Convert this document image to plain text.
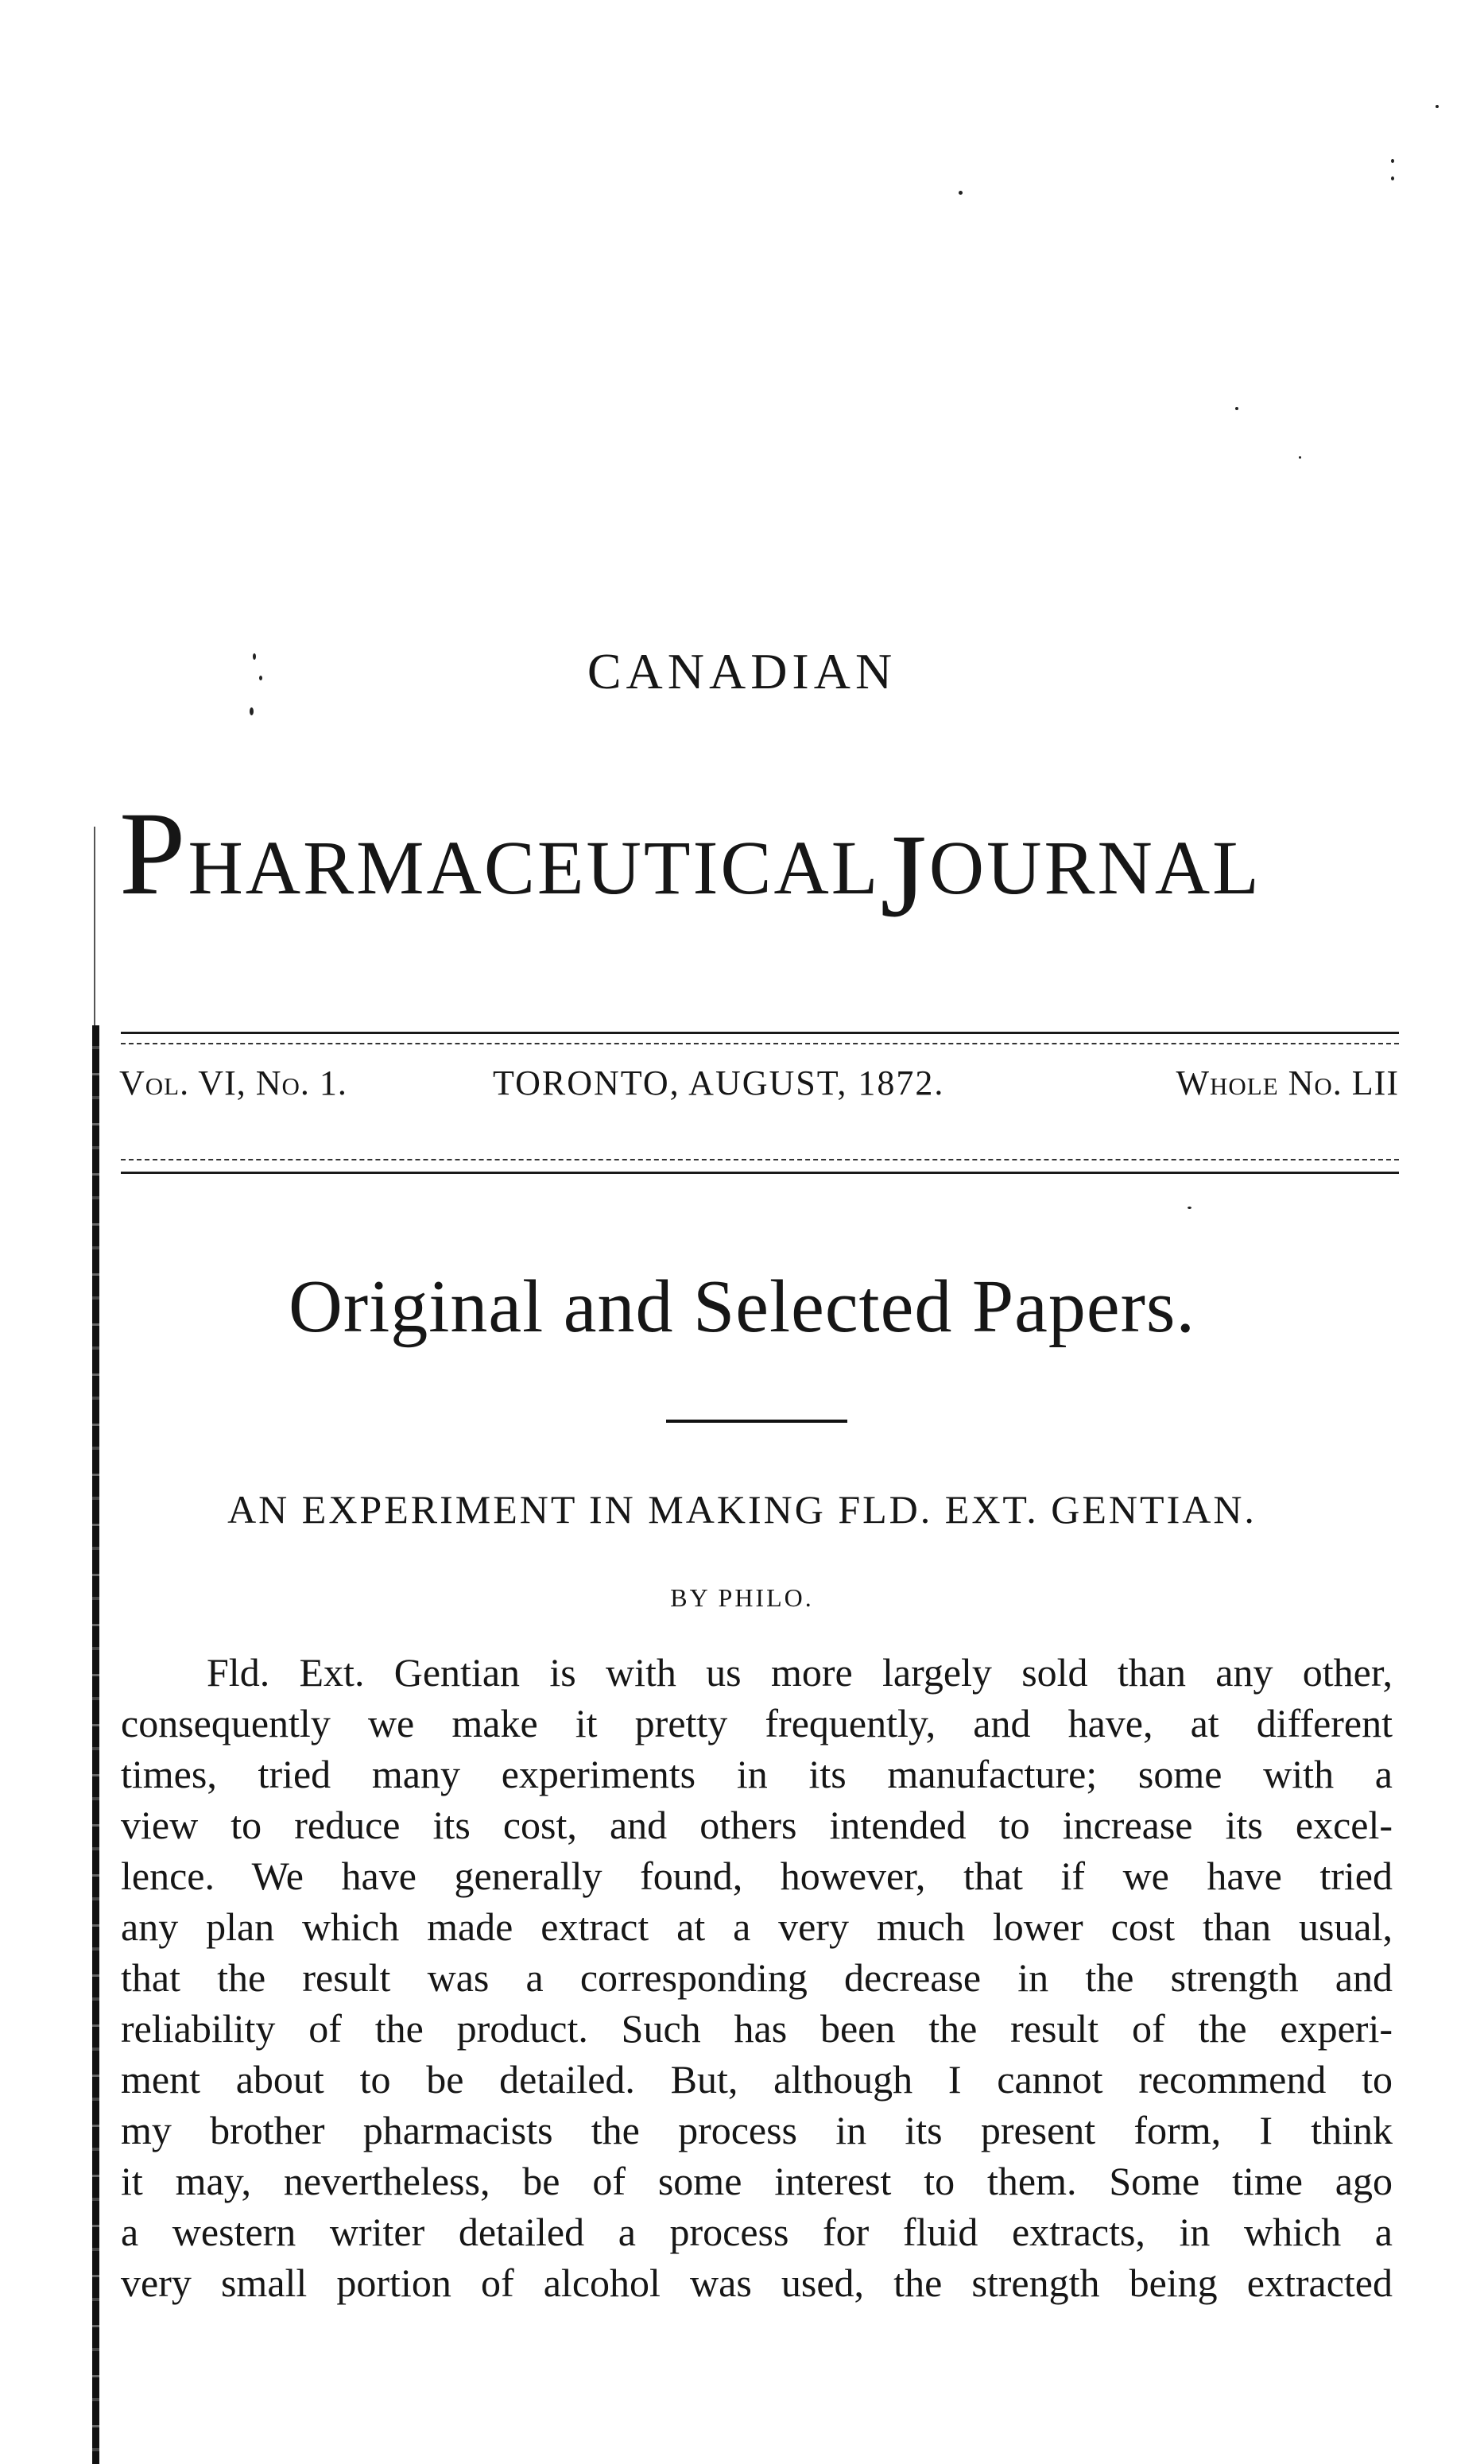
CANADIAN
PHARMACEUTICALJOURNAL
Vol. VI, No. 1.	TORONTO, AUGUST, 1872.	Whole No. LII
Original and Selected Papers.
AN EXPERIMENT IN MAKING FLD. EXT. GENTIAN.
BY PHILO.
Fld. Ext. Gentian is with us more largely sold than any other,
consequently we make it pretty frequently, and have, at different
times, tried many experiments in its manufacture; some with a
view to reduce its cost, and others intended to increase its excel-
lence. We have generally found, however, that if we have tried
any plan which made extract at a very much lower cost than usual,
that the result was a corresponding decrease in the strength and
reliability of the product. Such has been the result of the experi-
ment about to be detailed. But, although I cannot recommend to
my brother pharmacists the process in its present form, I think
it may, nevertheless, be of some interest to them. Some time ago
a western writer detailed a process for fluid extracts, in which a
very small portion of alcohol was used, the strength being extracted
